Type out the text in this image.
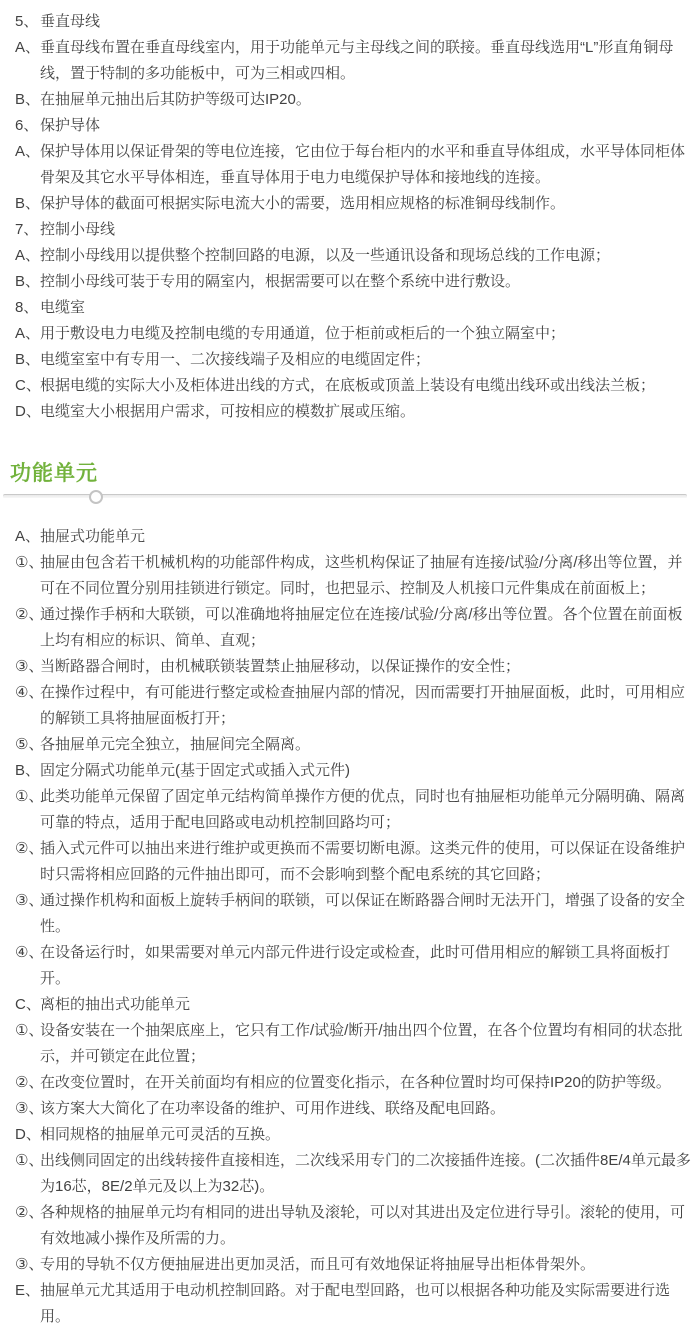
5、 垂直母线
A、 垂直母线布置在垂直母线室内，用于功能单元与主母线之间的联接。垂直母线选用“L”形直角铜母线，置于特制的多功能板中，可为三相或四相。
B、 在抽屉单元抽出后其防护等级可达IP20。
6、 保护导体
A、 保护导体用以保证骨架的等电位连接，它由位于每台柜内的水平和垂直导体组成，水平导体同柜体骨架及其它水平导体相连，垂直导体用于电力电缆保护导体和接地线的连接。
B、 保护导体的截面可根据实际电流大小的需要，选用相应规格的标准铜母线制作。
7、 控制小母线
A、 控制小母线用以提供整个控制回路的电源，以及一些通讯设备和现场总线的工作电源；
B、 控制小母线可装于专用的隔室内，根据需要可以在整个系统中进行敷设。
8、 电缆室
A、 用于敷设电力电缆及控制电缆的专用通道，位于柜前或柜后的一个独立隔室中；
B、 电缆室室中有专用一、二次接线端子及相应的电缆固定件；
C、 根据电缆的实际大小及柜体进出线的方式，在底板或顶盖上装设有电缆出线环或出线法兰板；
D、 电缆室大小根据用户需求，可按相应的模数扩展或压缩。
功能单元
A、 抽屉式功能单元
①、
抽屉由包含若干机械机构的功能部件构成，这些机构保证了抽屉有连接/试验/分离/移出等位置，并可在不同位置分别用挂锁进行锁定。同时，也把显示、控制及人机接口元件集成在前面板上；
②、
通过操作手柄和大联锁，可以准确地将抽屉定位在连接/试验/分离/移出等位置。各个位置在前面板上均有相应的标识、简单、直观；
③、
当断路器合闸时，由机械联锁装置禁止抽屉移动，以保证操作的安全性；
④、
在操作过程中，有可能进行整定或检查抽屉内部的情况，因而需要打开抽屉面板，此时，可用相应的解锁工具将抽屉面板打开；
⑤、
各抽屉单元完全独立，抽屉间完全隔离。
B、 固定分隔式功能单元(基于固定式或插入式元件)
①、
此类功能单元保留了固定单元结构简单操作方便的优点，同时也有抽屉柜功能单元分隔明确、隔离可靠的特点，适用于配电回路或电动机控制回路均可；
②、
插入式元件可以抽出来进行维护或更换而不需要切断电源。这类元件的使用，可以保证在设备维护时只需将相应回路的元件抽出即可，而不会影响到整个配电系统的其它回路；
③、
通过操作机构和面板上旋转手柄间的联锁，可以保证在断路器合闸时无法开门，增强了设备的安全性。
④、
在设备运行时，如果需要对单元内部元件进行设定或检查，此时可借用相应的解锁工具将面板打开。
C、 离柜的抽出式功能单元
①、
设备安装在一个抽架底座上，它只有工作/试验/断开/抽出四个位置，在各个位置均有相同的状态批示，并可锁定在此位置；
②、
在改变位置时，在开关前面均有相应的位置变化指示，在各种位置时均可保持IP20的防护等级。
③、
该方案大大简化了在功率设备的维护、可用作进线、联络及配电回路。
D、 相同规格的抽屉单元可灵活的互换。
①、
出线侧同固定的出线转接件直接相连，二次线采用专门的二次接插件连接。(二次插件8E/4单元最多为16芯，8E/2单元及以上为32芯)。
②、
各种规格的抽屉单元均有相同的进出导轨及滚轮，可以对其进出及定位进行导引。滚轮的使用，可有效地减小操作及所需的力。
③、
专用的导轨不仅方便抽屉进出更加灵活，而且可有效地保证将抽屉导出柜体骨架外。
E、 抽屉单元尤其适用于电动机控制回路。对于配电型回路，也可以根据各种功能及实际需要进行选用。
